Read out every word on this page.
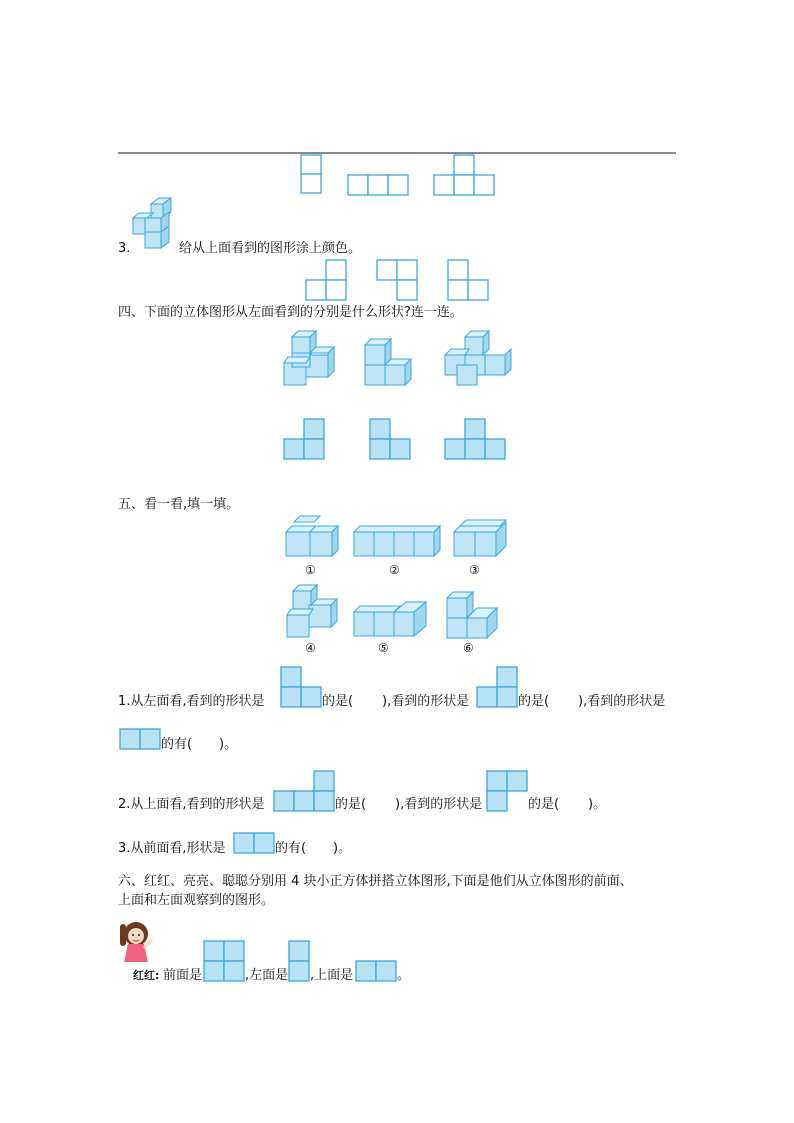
3.	给从上面看到的图形涂上颜色。
四、下面的立体图形从左面看到的分别是什么形状?连一连。
五、看一看,填一填。
①	②	③
④	⑤	⑥
1.从左面看,看到的形状是	的是( ),看到的形状是	的是( ),看到的形状是
的有( )。
2.从上面看,看到的形状是	的是( ),看到的形状是	的是( )。
3.从前面看,形状是	的有( )。
六、红红、亮亮、聪聪分别用 4 块小正方体拼搭立体图形,下面是他们从立体图形的前面、
上面和左面观察到的图形。
红红: 前面是	,左面是 ,上面是	。
